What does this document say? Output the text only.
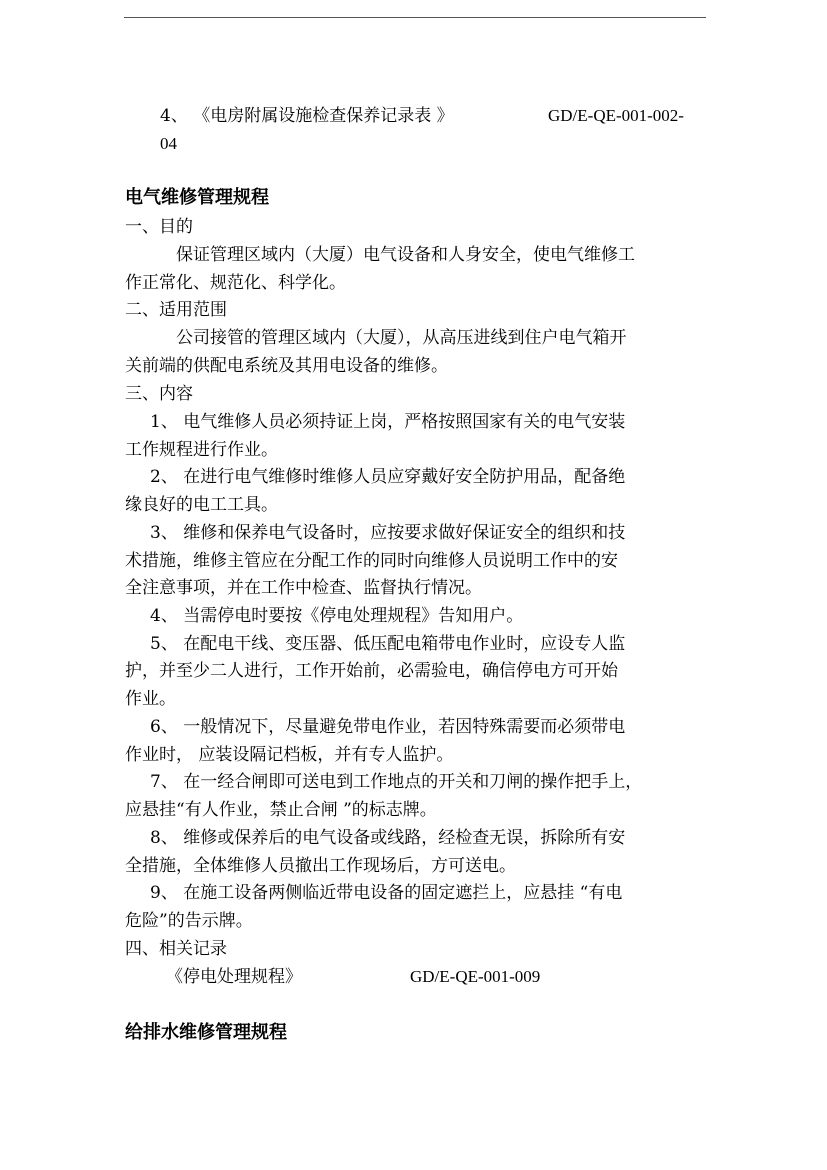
4、 《电房附属设施检查保养记录表 》	GD/E-QE-001-002-
04
电气维修管理规程
一、目的
保证管理区域内（大厦）电气设备和人身安全，使电气维修工
作正常化、规范化、科学化。
二、适用范围
公司接管的管理区域内（大厦），从高压进线到住户电气箱开
关前端的供配电系统及其用电设备的维修。
三、内容
1、 电气维修人员必须持证上岗，严格按照国家有关的电气安装
工作规程进行作业。
2、 在进行电气维修时维修人员应穿戴好安全防护用品，配备绝
缘良好的电工工具。
3、 维修和保养电气设备时，应按要求做好保证安全的组织和技
术措施，维修主管应在分配工作的同时向维修人员说明工作中的安
全注意事项，并在工作中检查、监督执行情况。
4、 当需停电时要按《停电处理规程》告知用户。
5、 在配电干线、变压器、低压配电箱带电作业时，应设专人监
护，并至少二人进行，工作开始前，必需验电，确信停电方可开始
作业。
6、 一般情况下，尽量避免带电作业，若因特殊需要而必须带电
作业时， 应装设隔记档板，并有专人监护。
7、 在一经合闸即可送电到工作地点的开关和刀闸的操作把手上，
应悬挂“有人作业，禁止合闸 ”的标志牌。
8、 维修或保养后的电气设备或线路，经检查无误，拆除所有安
全措施，全体维修人员撤出工作现场后，方可送电。
9、 在施工设备两侧临近带电设备的固定遮拦上，应悬挂 “有电
危险”的告示牌。
四、相关记录
《停电处理规程》	GD/E-QE-001-009
给排水维修管理规程
